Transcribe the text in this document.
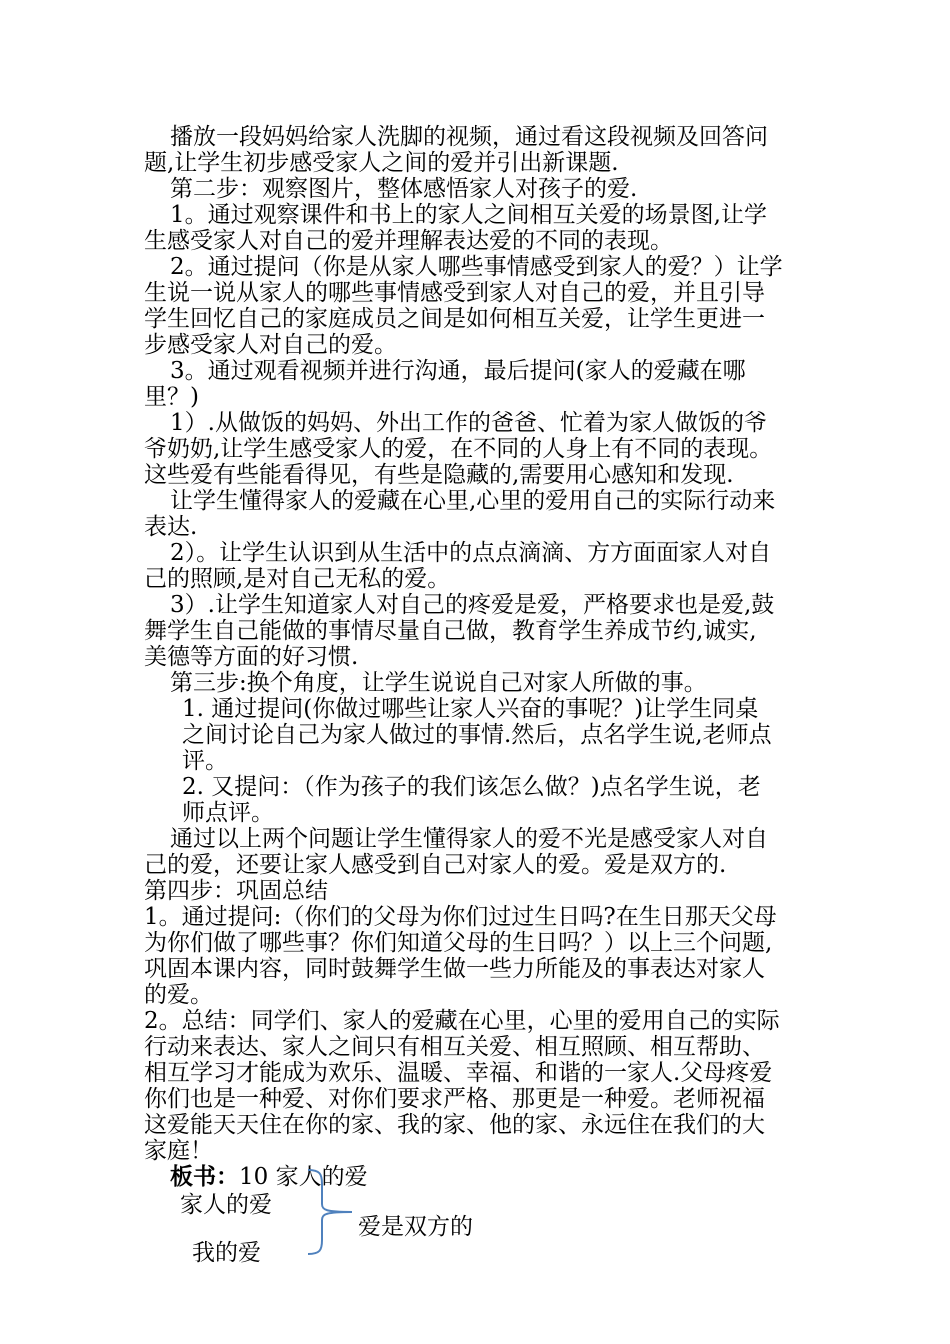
播放一段妈妈给家人洗脚的视频，通过看这段视频及回答问
题,让学生初步感受家人之间的爱并引出新课题.
第二步：观察图片，整体感悟家人对孩子的爱.
1。通过观察课件和书上的家人之间相互关爱的场景图,让学
生感受家人对自己的爱并理解表达爱的不同的表现。
2。通过提问（你是从家人哪些事情感受到家人的爱？）让学
生说一说从家人的哪些事情感受到家人对自己的爱，并且引导
学生回忆自己的家庭成员之间是如何相互关爱，让学生更进一
步感受家人对自己的爱。
3。通过观看视频并进行沟通，最后提问(家人的爱藏在哪
里？)
1）.从做饭的妈妈、外出工作的爸爸、忙着为家人做饭的爷
爷奶奶,让学生感受家人的爱，在不同的人身上有不同的表现。
这些爱有些能看得见，有些是隐藏的,需要用心感知和发现.
让学生懂得家人的爱藏在心里,心里的爱用自己的实际行动来
表达.
2）。让学生认识到从生活中的点点滴滴、方方面面家人对自
己的照顾,是对自己无私的爱。
3）.让学生知道家人对自己的疼爱是爱，严格要求也是爱,鼓
舞学生自己能做的事情尽量自己做，教育学生养成节约,诚实,
美德等方面的好习惯.
第三步:换个角度，让学生说说自己对家人所做的事。
1. 通过提问(你做过哪些让家人兴奋的事呢？)让学生同桌
之间讨论自己为家人做过的事情.然后，点名学生说,老师点
评。
2. 又提问：（作为孩子的我们该怎么做？)点名学生说，老
师点评。
通过以上两个问题让学生懂得家人的爱不光是感受家人对自
己的爱，还要让家人感受到自己对家人的爱。爱是双方的.
第四步：巩固总结
1。通过提问:（你们的父母为你们过过生日吗?在生日那天父母
为你们做了哪些事？你们知道父母的生日吗？）以上三个问题,
巩固本课内容，同时鼓舞学生做一些力所能及的事表达对家人
的爱。
2。总结：同学们、家人的爱藏在心里，心里的爱用自己的实际
行动来表达、家人之间只有相互关爱、相互照顾、相互帮助、
相互学习才能成为欢乐、温暖、幸福、和谐的一家人.父母疼爱
你们也是一种爱、对你们要求严格、那更是一种爱。老师祝福
这爱能天天住在你的家、我的家、他的家、永远住在我们的大
家庭！
板书：10 家人的爱
家人的爱
爱是双方的
我的爱
